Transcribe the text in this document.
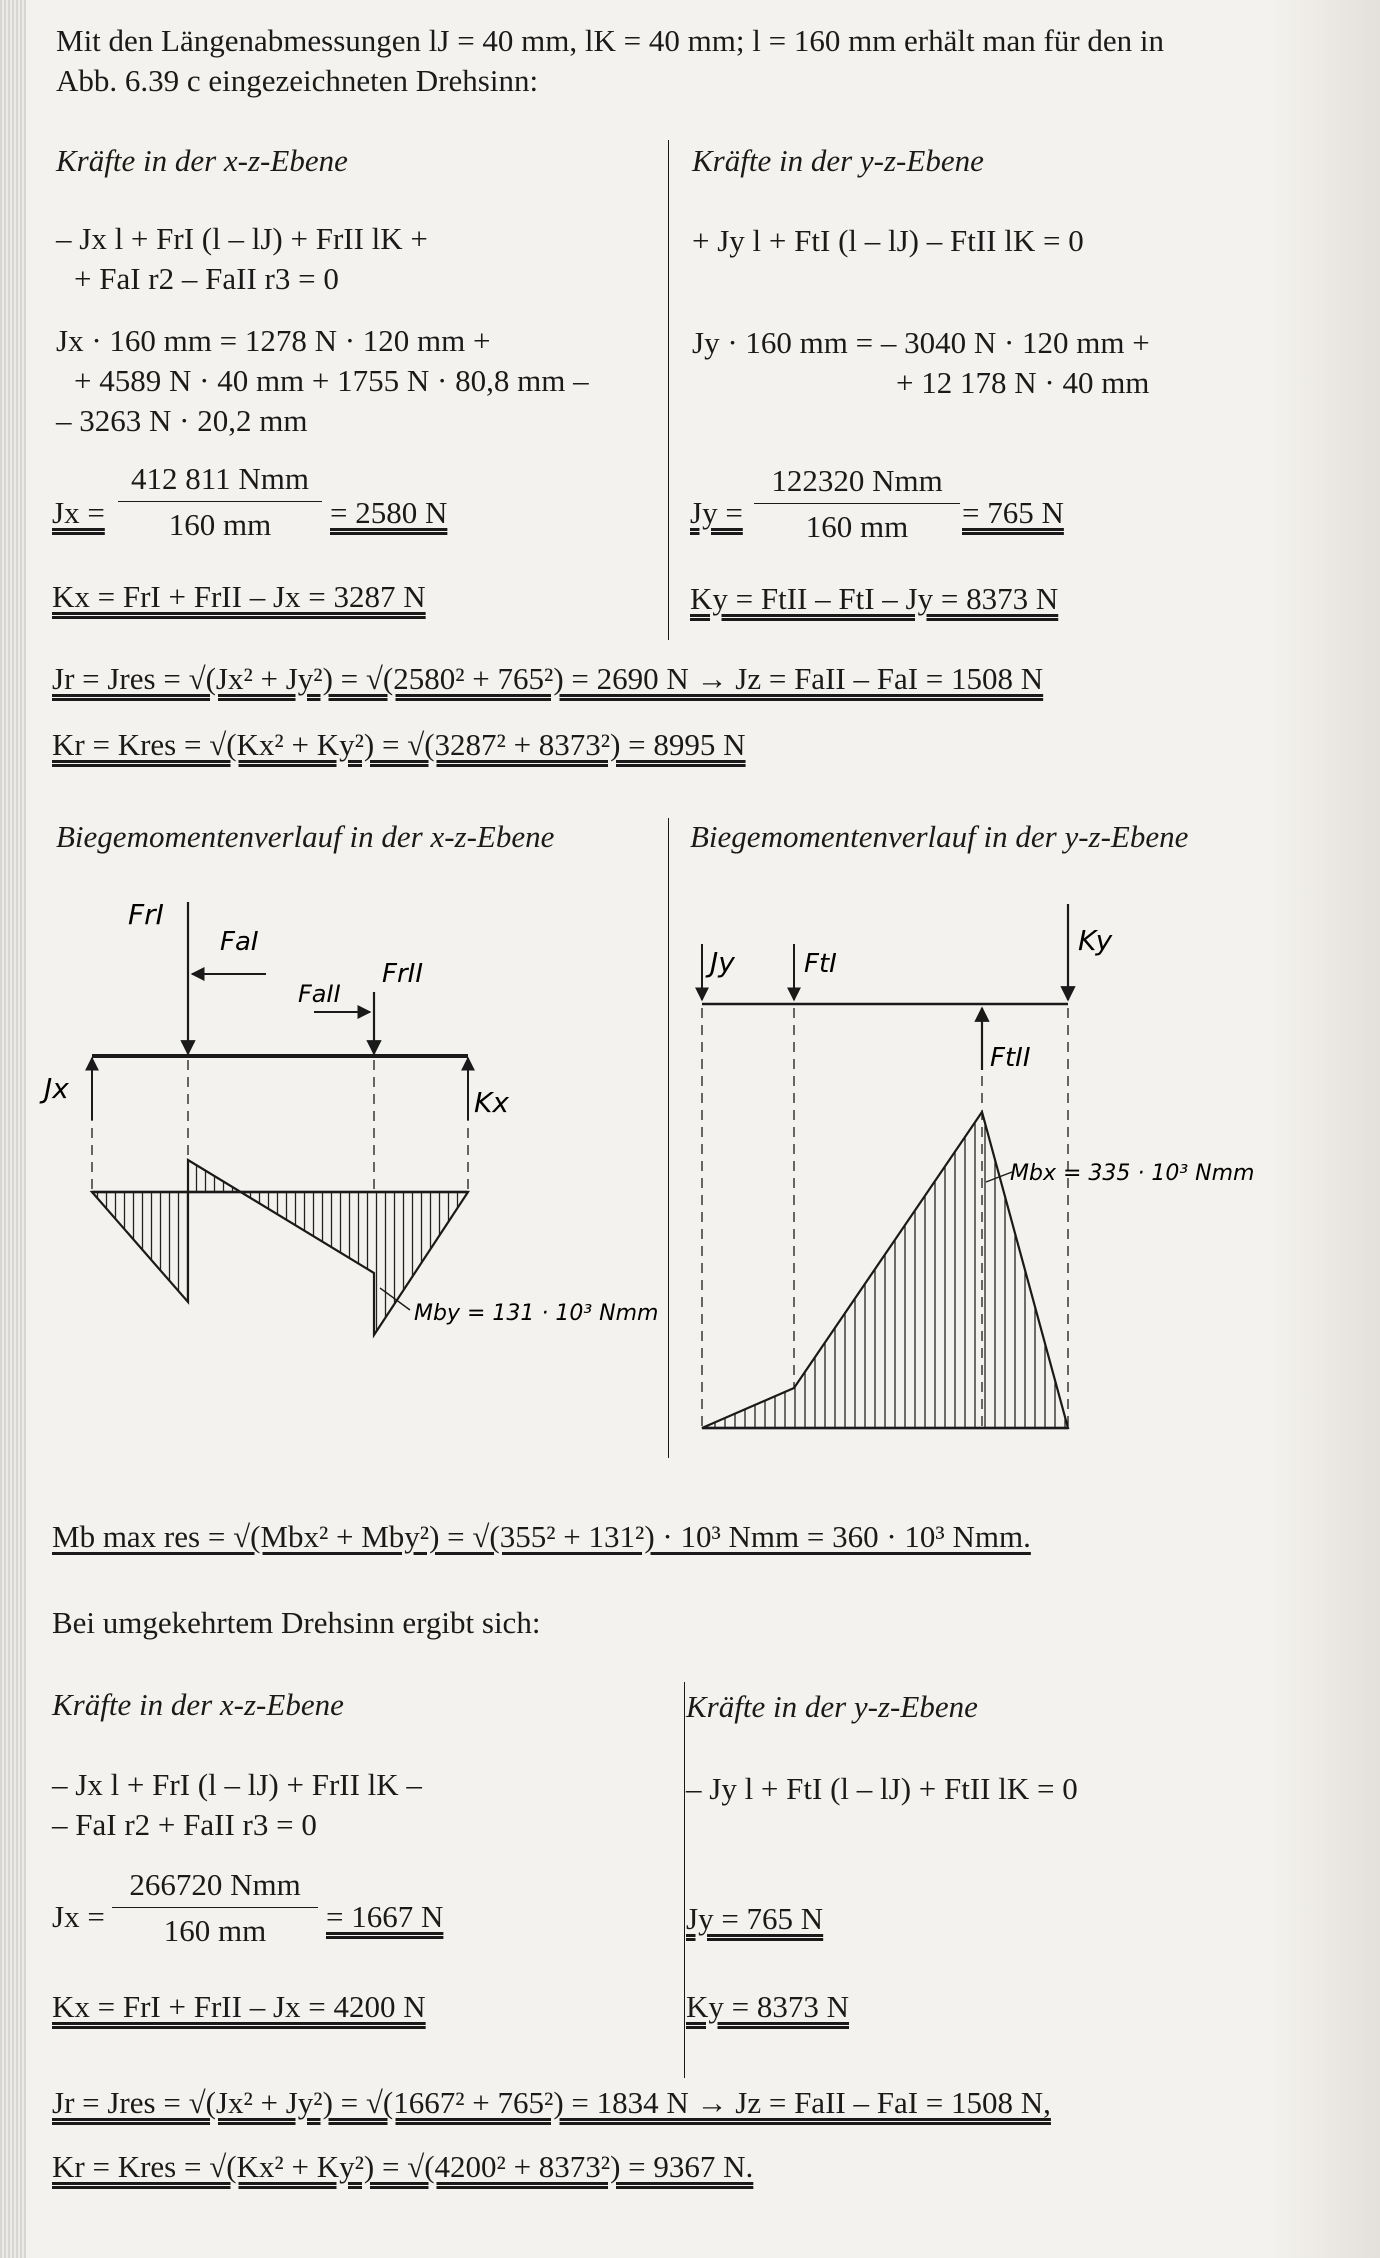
Mit den Längenabmessungen lJ = 40 mm, lK = 40 mm; l = 160 mm erhält man für den in
Abb. 6.39 c eingezeichneten Drehsinn:
Kräfte in der x-z-Ebene	Kräfte in der y-z-Ebene
– Jx l + FrI (l – lJ) + FrII lK +
+ FaI r2 – FaII r3 = 0
Jx · 160 mm = 1278 N · 120 mm +
+ 4589 N · 40 mm + 1755 N · 80,8 mm –
– 3263 N · 20,2 mm
Jx =
412 811 Nmm
160 mm	= 2580 N
Kx = FrI + FrII – Jx = 3287 N
+ Jy l + FtI (l – lJ) – FtII lK = 0
Jy · 160 mm = – 3040 N · 120 mm +
+ 12 178 N · 40 mm
Jy =
122320 Nmm
160 mm	= 765 N
Ky = FtII – FtI – Jy = 8373 N
Jr = Jres = √(Jx² + Jy²) = √(2580² + 765²) = 2690 N → Jz = FaII – FaI = 1508 N
Kr = Kres = √(Kx² + Ky²) = √(3287² + 8373²) = 8995 N
Biegemomentenverlauf in der x-z-Ebene	Biegemomentenverlauf in der y-z-Ebene
FrI
FaI
FaII
FrII
Jx	Kx
Mby = 131 · 10³ Nmm
Jy	FtI
Ky
FtII
Mbx = 335 · 10³ Nmm
Mb max res = √(Mbx² + Mby²) = √(355² + 131²) · 10³ Nmm = 360 · 10³ Nmm.
Bei umgekehrtem Drehsinn ergibt sich:
Kräfte in der x-z-Ebene	Kräfte in der y-z-Ebene
– Jx l + FrI (l – lJ) + FrII lK –
– FaI r2 + FaII r3 = 0
Jx =
266720 Nmm
160 mm	= 1667 N
Kx = FrI + FrII – Jx = 4200 N
– Jy l + FtI (l – lJ) + FtII lK = 0
Jy = 765 N
Ky = 8373 N
Jr = Jres = √(Jx² + Jy²) = √(1667² + 765²) = 1834 N → Jz = FaII – FaI = 1508 N,
Kr = Kres = √(Kx² + Ky²) = √(4200² + 8373²) = 9367 N.
